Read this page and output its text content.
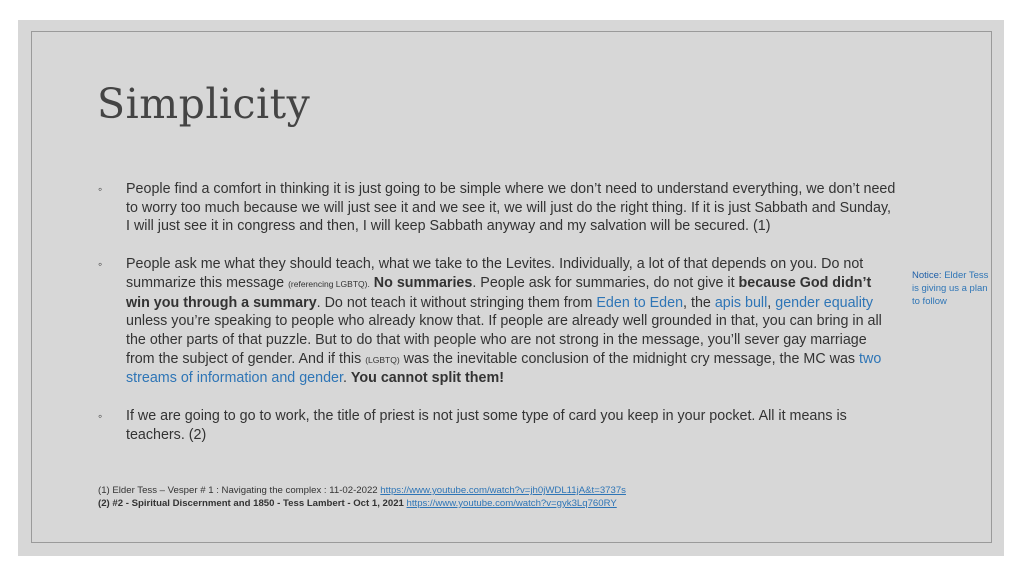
Simplicity
◦ People find a comfort in thinking it is just going to be simple where we don’t need to understand everything, we don’t need to worry too much because we will just see it and we see it, we will just do the right thing. If it is just Sabbath and Sunday, I will just see it in congress and then, I will keep Sabbath anyway and my salvation will be secured. (1)
◦ People ask me what they should teach, what we take to the Levites. Individually, a lot of that depends on you. Do not summarize this message (referencing LGBTQ). No summaries. People ask for summaries, do not give it because God didn’t win you through a summary. Do not teach it without stringing them from Eden to Eden, the apis bull, gender equality unless you’re speaking to people who already know that. If people are already well grounded in that, you can bring in all the other parts of that puzzle. But to do that with people who are not strong in the message, you’ll sever gay marriage from the subject of gender. And if this (LGBTQ) was the inevitable conclusion of the midnight cry message, the MC was two streams of information and gender. You cannot split them!
◦ If we are going to go to work, the title of priest is not just some type of card you keep in your pocket. All it means is teachers. (2)
Notice: Elder Tess is giving us a plan to follow
(1) Elder Tess – Vesper # 1 : Navigating the complex : 11-02-2022 https://www.youtube.com/watch?v=jh0jWDL11jA&t=3737s
(2) #2 - Spiritual Discernment and 1850 - Tess Lambert - Oct 1, 2021 https://www.youtube.com/watch?v=gyk3Lq760RY
